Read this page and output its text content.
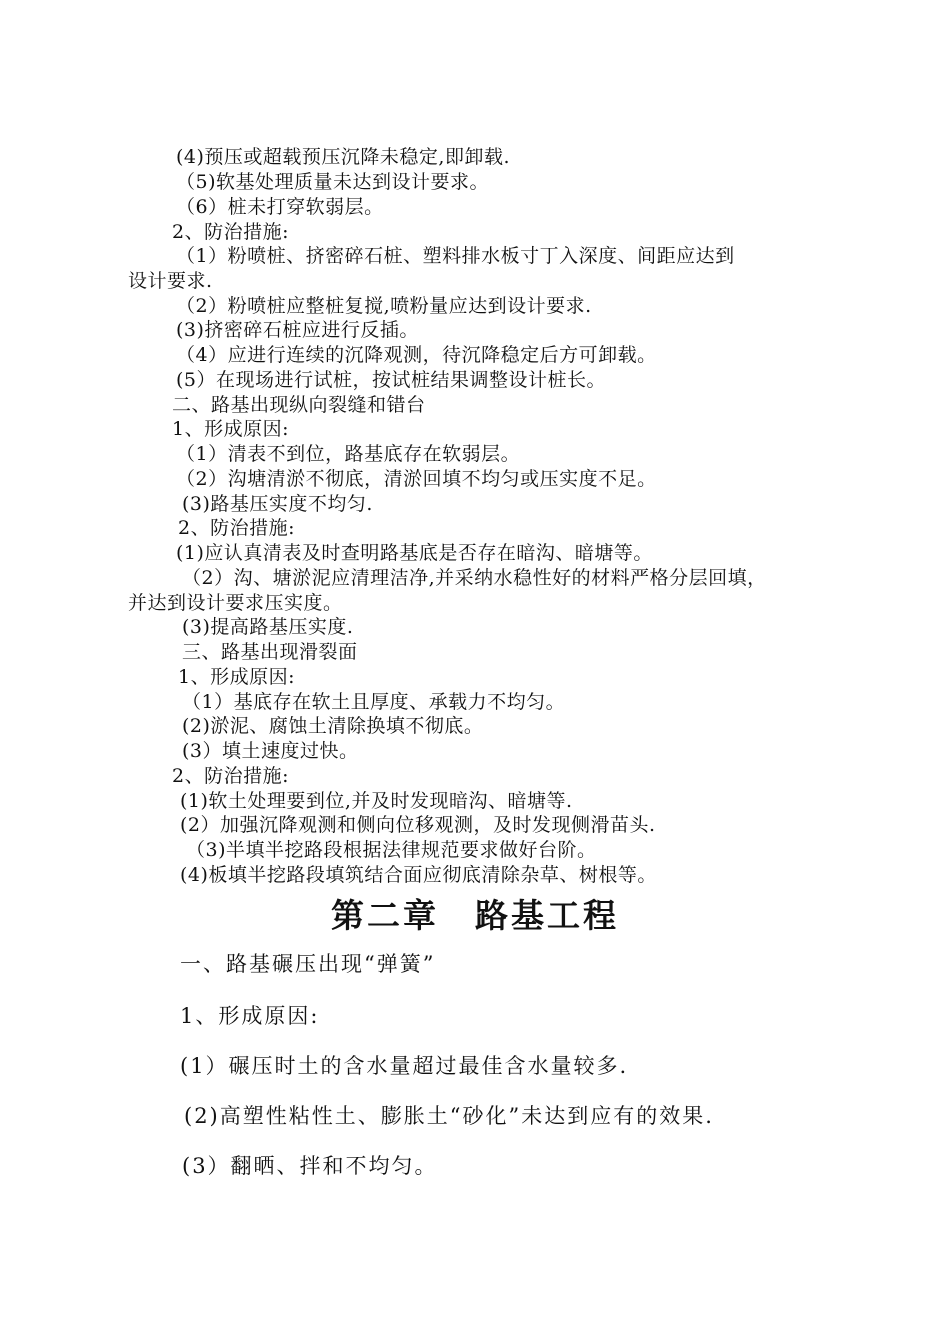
(4)预压或超载预压沉降未稳定,即卸载.
（5)软基处理质量未达到设计要求。
（6）桩未打穿软弱层。
2、防治措施:
（1）粉喷桩、挤密碎石桩、塑料排水板寸丁入深度、间距应达到
设计要求.
（2）粉喷桩应整桩复搅,喷粉量应达到设计要求.
(3)挤密碎石桩应进行反插。
（4）应进行连续的沉降观测，待沉降稳定后方可卸载。
(5）在现场进行试桩，按试桩结果调整设计桩长。
二、路基出现纵向裂缝和错台
1、形成原因:
（1）清表不到位，路基底存在软弱层。
（2）沟塘清淤不彻底，清淤回填不均匀或压实度不足。
(3)路基压实度不均匀.
2、防治措施:
(1)应认真清表及时查明路基底是否存在暗沟、暗塘等。
（2）沟、塘淤泥应清理洁净,并采纳水稳性好的材料严格分层回填，
并达到设计要求压实度。
(3)提高路基压实度.
三、路基出现滑裂面
1、形成原因:
（1）基底存在软土且厚度、承载力不均匀。
(2)淤泥、腐蚀土清除换填不彻底。
(3）填土速度过快。
2、防治措施:
(1)软土处理要到位,并及时发现暗沟、暗塘等.
(2）加强沉降观测和侧向位移观测，及时发现侧滑苗头.
（3)半填半挖路段根据法律规范要求做好台阶。
(4)板填半挖路段填筑结合面应彻底清除杂草、树根等。
第二章　路基工程
一、路基碾压出现“弹簧”
1、形成原因:
(1）碾压时土的含水量超过最佳含水量较多.
(2)高塑性粘性土、膨胀土“砂化”未达到应有的效果.
(3）翻晒、拌和不均匀。
